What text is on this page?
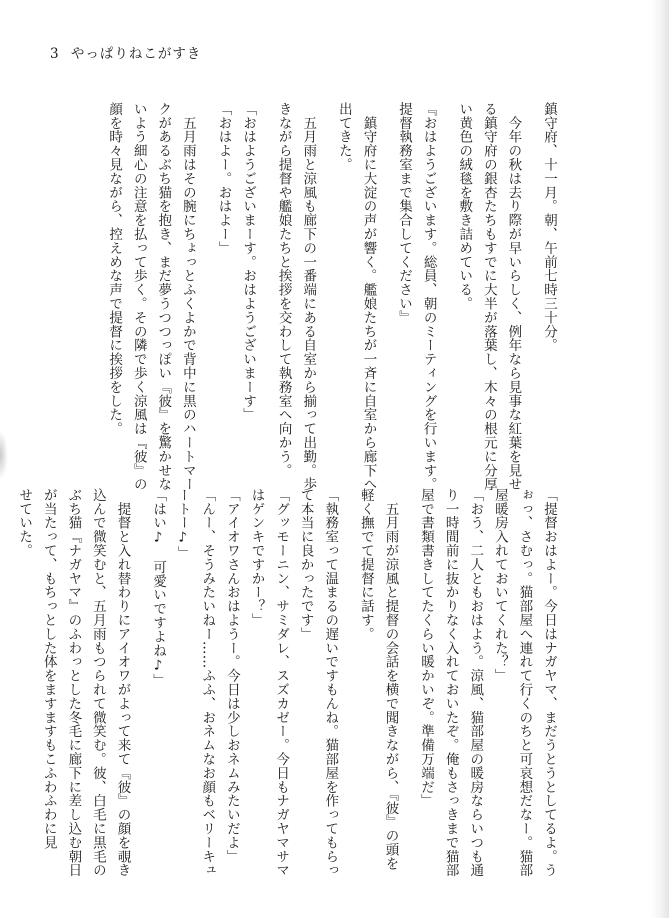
3 やっぱりねこがすき
鎮守府、十一月。朝、午前七時三十分。
　今年の秋は去り際が早いらしく、例年なら見事な紅葉を見せ
る鎮守府の銀杏たちもすでに大半が落葉し、木々の根元に分厚
い黄色の絨毯を敷き詰めている。
『おはようございます。総員、朝のミーティングを行います。
提督執務室まで集合してください』
　鎮守府に大淀の声が響く。艦娘たちが一斉に自室から廊下へ
出てきた。
　五月雨と涼風も廊下の一番端にある自室から揃って出勤。歩
きながら提督や艦娘たちと挨拶を交わして執務室へ向かう。
「おはようございまーす。おはようございまーす」
「おはよー。おはよー」
　五月雨はその腕にちょっとふくよかで背中に黒のハートマー
クがあるぶち猫を抱き、まだ夢うつつっぽい『彼』を驚かせな
いよう細心の注意を払って歩く。その隣で歩く涼風は『彼』の
顔を時々見ながら、控えめな声で提督に挨拶をした。
「提督おはよー。今日はナガヤマ、まだうとうとしてるよ。う
ぉっ、さむっ。猫部屋へ連れて行くのちと可哀想だなー。猫部
屋暖房入れておいてくれた？」
「おう、二人ともおはよう。涼風、猫部屋の暖房ならいつも通
り一時間前に抜かりなく入れておいたぞ。俺もさっきまで猫部
屋で書類書きしてたくらい暖かいぞ。準備万端だ」
　五月雨が涼風と提督の会話を横で聞きながら、『彼』の頭を
軽く撫でて提督に話す。
「執務室って温まるの遅いですもんね。猫部屋を作ってもらっ
て本当に良かったです」
「グッモーニン、サミダレ、スズカゼー。今日もナガヤマサマ
はゲンキですかー？」
「アイオワさんおはようー。今日は少しおネムみたいだよ」
「んー、そうみたいねー……ふふ、おネムなお顔もベリーキュ
ートー♪」
「はい♪　可愛いですよね♪」
　提督と入れ替わりにアイオワがよって来て『彼』の顔を覗き
込んで微笑むと、五月雨もつられて微笑む。彼、白毛に黒毛の
ぶち猫『ナガヤマ』のふわっとした冬毛に廊下に差し込む朝日
が当たって、もちっとした体をますますもこふわふわに見
せていた。
